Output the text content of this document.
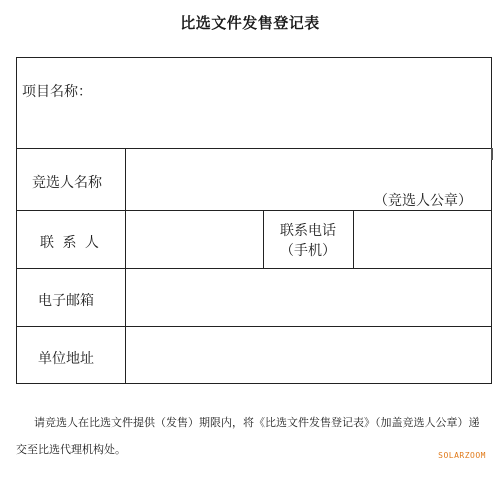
比选文件发售登记表
项目名称：
竞选人名称
（竞选人公章）
联 系 人
联系电话
（手机）
电子邮箱
单位地址
请竞选人在比选文件提供（发售）期限内，将《比选文件发售登记表》（加盖竞选人公章）递
交至比选代理机构处。	SOLARZOOM
